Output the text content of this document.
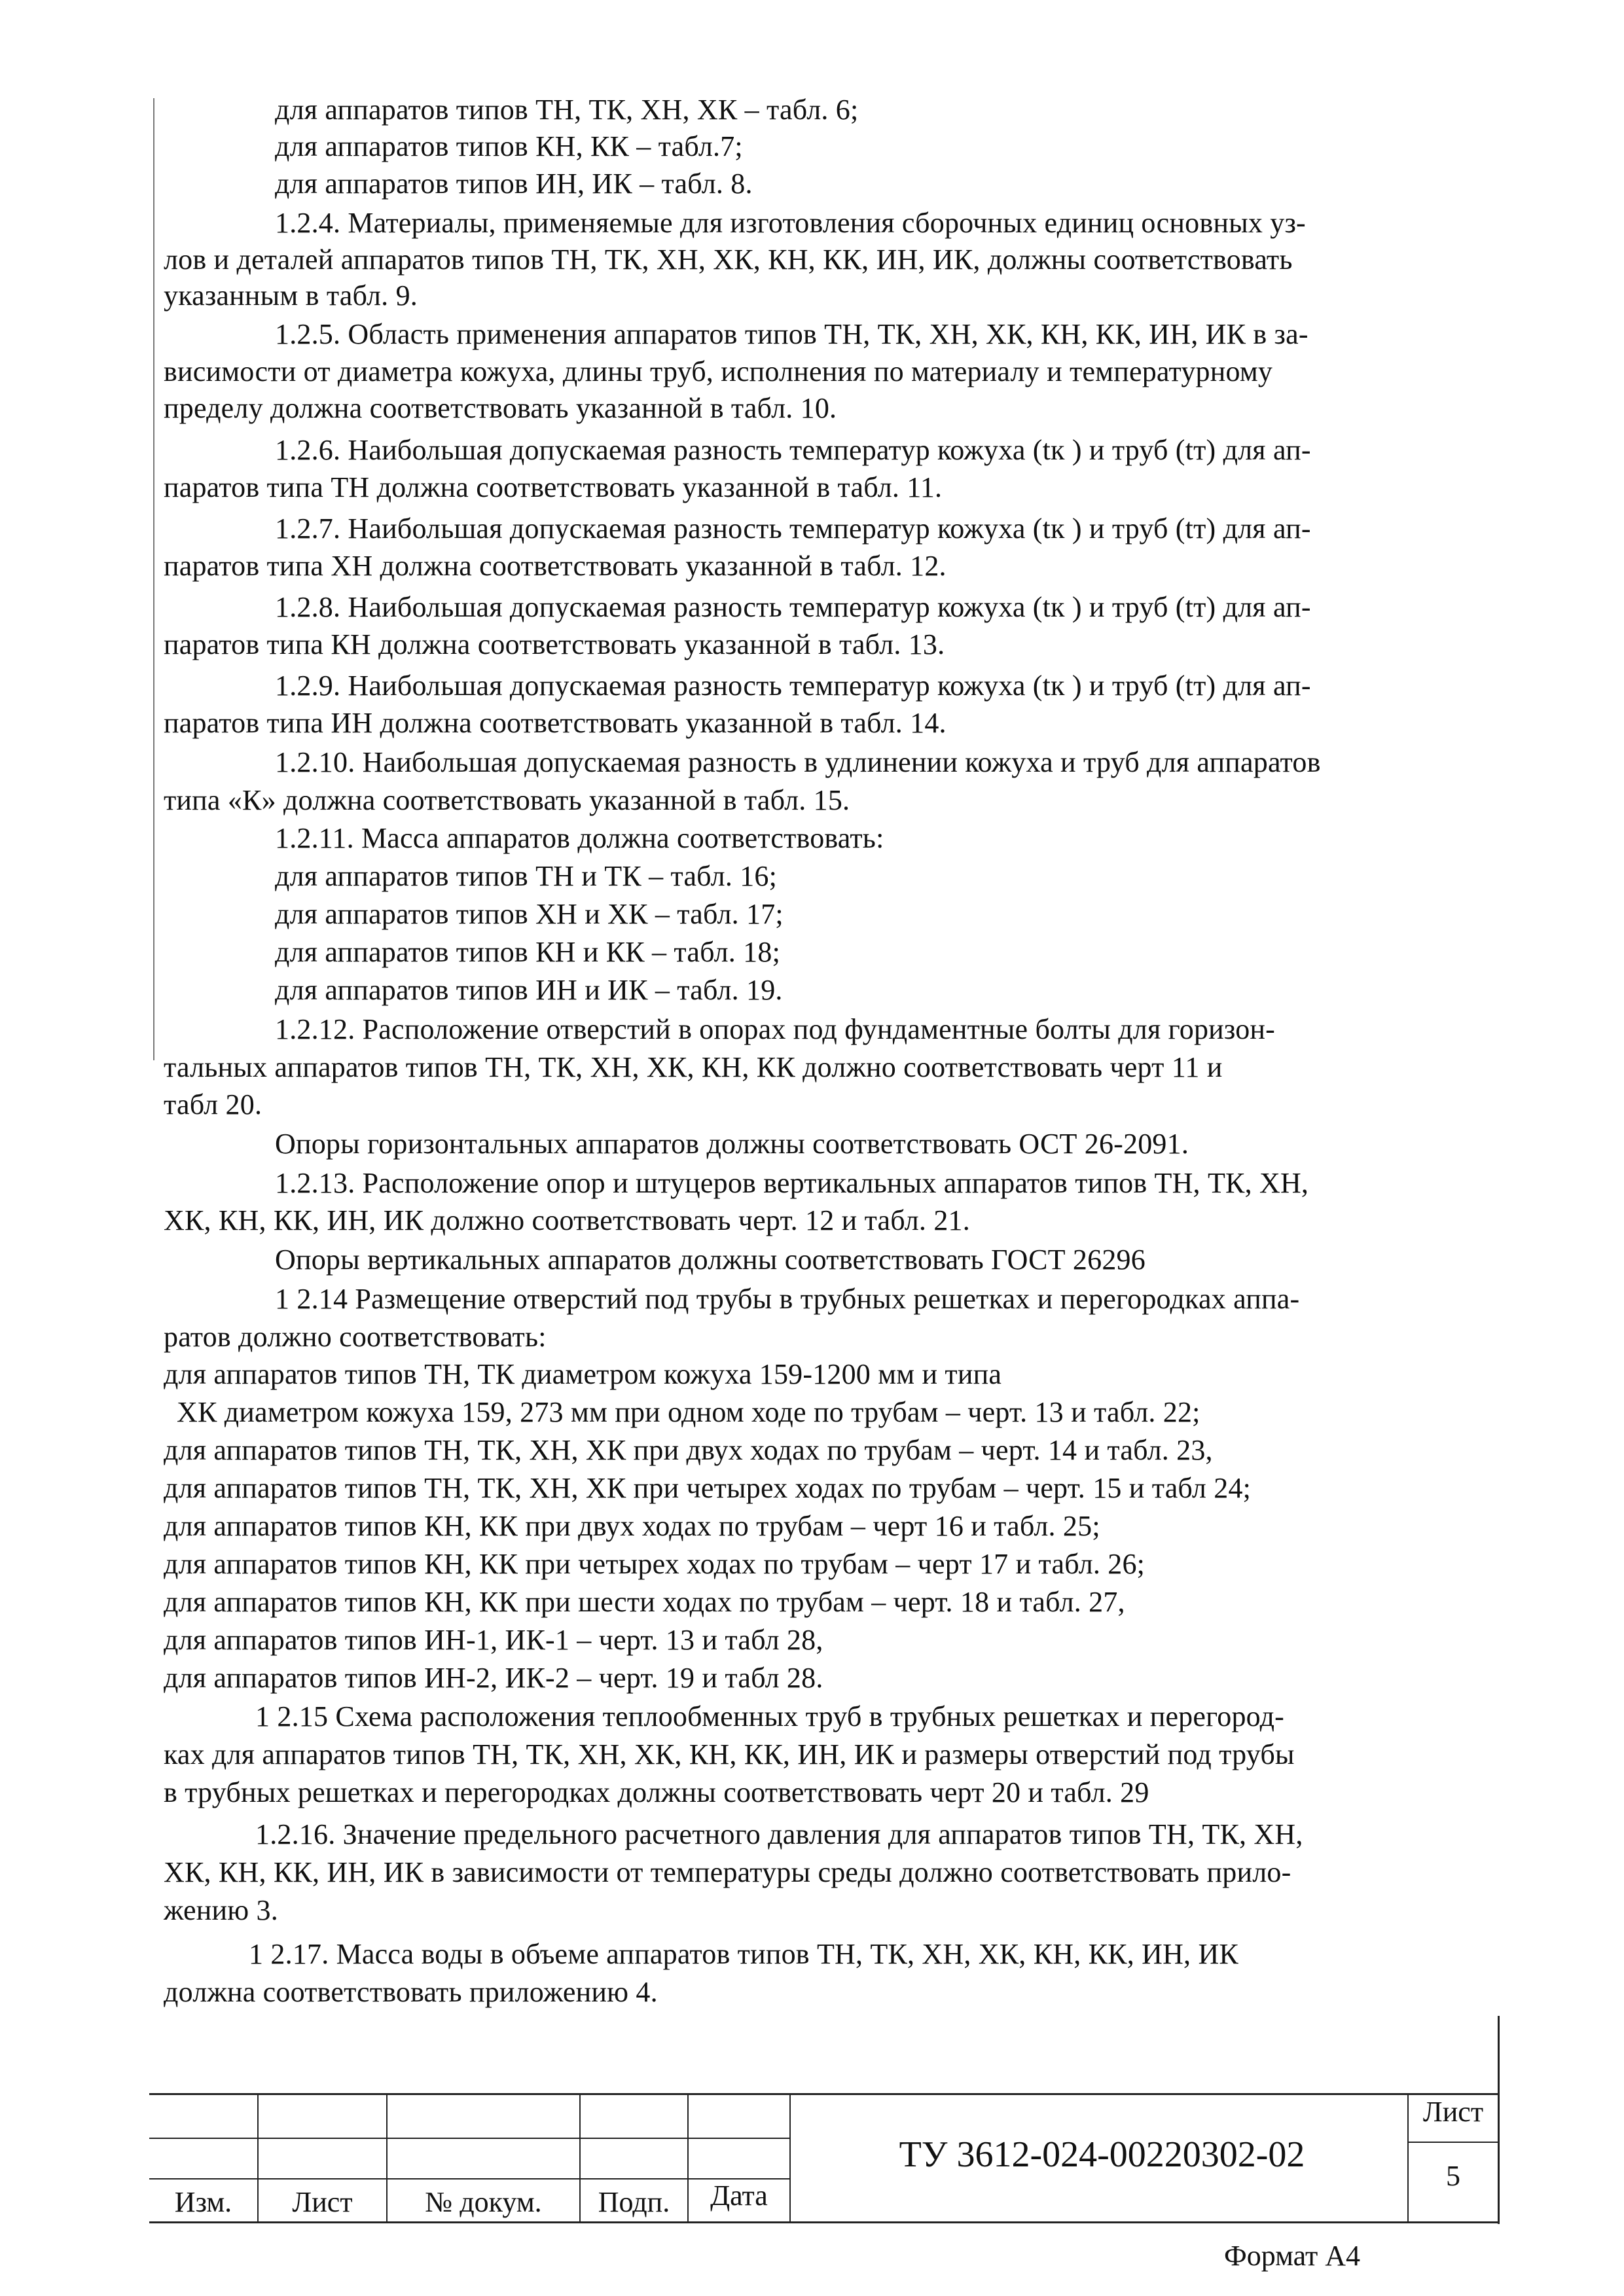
для аппаратов типов ТН, ТК, ХН, ХК – табл. 6;
для аппаратов типов КН, КК – табл.7;
для аппаратов типов ИН, ИК – табл. 8.
1.2.4. Материалы, применяемые для изготовления сборочных единиц основных уз-
лов и деталей аппаратов типов ТН, ТК, ХН, ХК, КН, КК, ИН, ИК, должны соответствовать
указанным в табл. 9.
1.2.5. Область применения аппаратов типов ТН, ТК, ХН, ХК, КН, КК, ИН, ИК в за-
висимости от диаметра кожуха, длины труб, исполнения по материалу и температурному
пределу должна соответствовать указанной в табл. 10.
1.2.6. Наибольшая допускаемая разность температур кожуха (tк ) и труб (tт) для ап-
паратов типа ТН должна соответствовать указанной в табл. 11.
1.2.7. Наибольшая допускаемая разность температур кожуха (tк ) и труб (tт) для ап-
паратов типа ХН должна соответствовать указанной в табл. 12.
1.2.8. Наибольшая допускаемая разность температур кожуха (tк ) и труб (tт) для ап-
паратов типа КН должна соответствовать указанной в табл. 13.
1.2.9. Наибольшая допускаемая разность температур кожуха (tк ) и труб (tт) для ап-
паратов типа ИН должна соответствовать указанной в табл. 14.
1.2.10. Наибольшая допускаемая разность в удлинении кожуха и труб для аппаратов
типа «К» должна соответствовать указанной в табл. 15.
1.2.11. Масса аппаратов должна соответствовать:
для аппаратов типов ТН и ТК – табл. 16;
для аппаратов типов ХН и ХК – табл. 17;
для аппаратов типов КН и КК – табл. 18;
для аппаратов типов ИН и ИК – табл. 19.
1.2.12. Расположение отверстий в опорах под фундаментные болты для горизон-
тальных аппаратов типов ТН, ТК, ХН, ХК, КН, КК должно соответствовать черт 11 и
табл 20.
Опоры горизонтальных аппаратов должны соответствовать ОСТ 26-2091.
1.2.13. Расположение опор и штуцеров вертикальных аппаратов типов ТН, ТК, ХН,
ХК, КН, КК, ИН, ИК должно соответствовать черт. 12 и табл. 21.
Опоры вертикальных аппаратов должны соответствовать ГОСТ 26296
1 2.14 Размещение отверстий под трубы в трубных решетках и перегородках аппа-
ратов должно соответствовать:
для аппаратов типов ТН, ТК диаметром кожуха 159-1200 мм и типа
ХК диаметром кожуха 159, 273 мм при одном ходе по трубам – черт. 13 и табл. 22;
для аппаратов типов ТН, ТК, ХН, ХК при двух ходах по трубам – черт. 14 и табл. 23,
для аппаратов типов ТН, ТК, ХН, ХК при четырех ходах по трубам – черт. 15 и табл 24;
для аппаратов типов КН, КК при двух ходах по трубам – черт 16 и табл. 25;
для аппаратов типов КН, КК при четырех ходах по трубам – черт 17 и табл. 26;
для аппаратов типов КН, КК при шести ходах по трубам – черт. 18 и табл. 27,
для аппаратов типов ИН-1, ИК-1 – черт. 13 и табл 28,
для аппаратов типов ИН-2, ИК-2 – черт. 19 и табл 28.
1 2.15 Схема расположения теплообменных труб в трубных решетках и перегород-
ках для аппаратов типов ТН, ТК, ХН, ХК, КН, КК, ИН, ИК и размеры отверстий под трубы
в трубных решетках и перегородках должны соответствовать черт 20 и табл. 29
1.2.16. Значение предельного расчетного давления для аппаратов типов ТН, ТК, ХН,
ХК, КН, КК, ИН, ИК в зависимости от температуры среды должно соответствовать прило-
жению 3.
1 2.17. Масса воды в объеме аппаратов типов ТН, ТК, ХН, ХК, КН, КК, ИН, ИК
должна соответствовать приложению 4.
Изм.	Лист	№ докум.	Подп.	Дата
ТУ 3612-024-00220302-02
Лист
5
Формат А4
